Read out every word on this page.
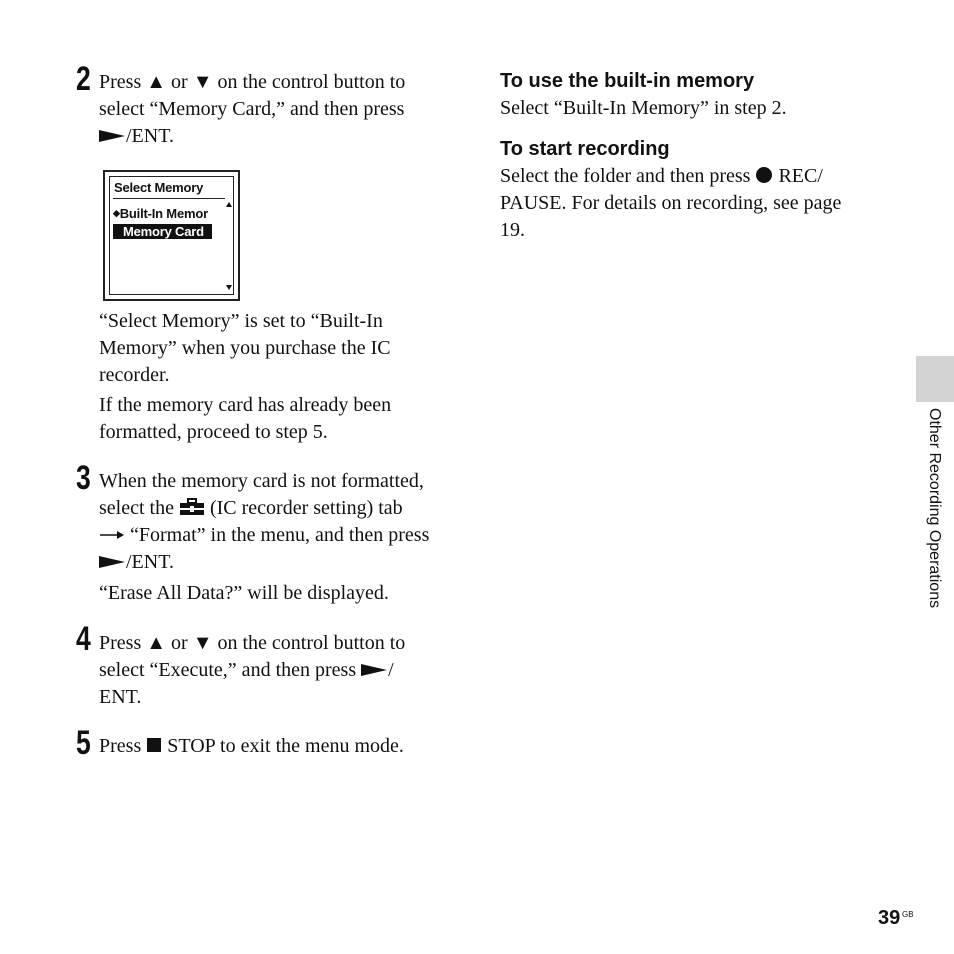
2 Press ▲ or ▼ on the control button to
select “Memory Card,” and then press
/ENT.
Select Memory
◆Built-In Memor
Memory Card
“Select Memory” is set to “Built-In
Memory” when you purchase the IC
recorder.
If the memory card has already been
formatted, proceed to step 5.
3 When the memory card is not formatted,
select the  (IC recorder setting) tab
“Format” in the menu, and then press
/ENT.
“Erase All Data?” will be displayed.
4 Press ▲ or ▼ on the control button to
select “Execute,” and then press /
ENT.
5 Press  STOP to exit the menu mode.
To use the built-in memory
Select “Built-In Memory” in step 2.
To start recording
Select the folder and then press  REC/
PAUSE. For details on recording, see page
19.
Other Recording Operations
39 GB
